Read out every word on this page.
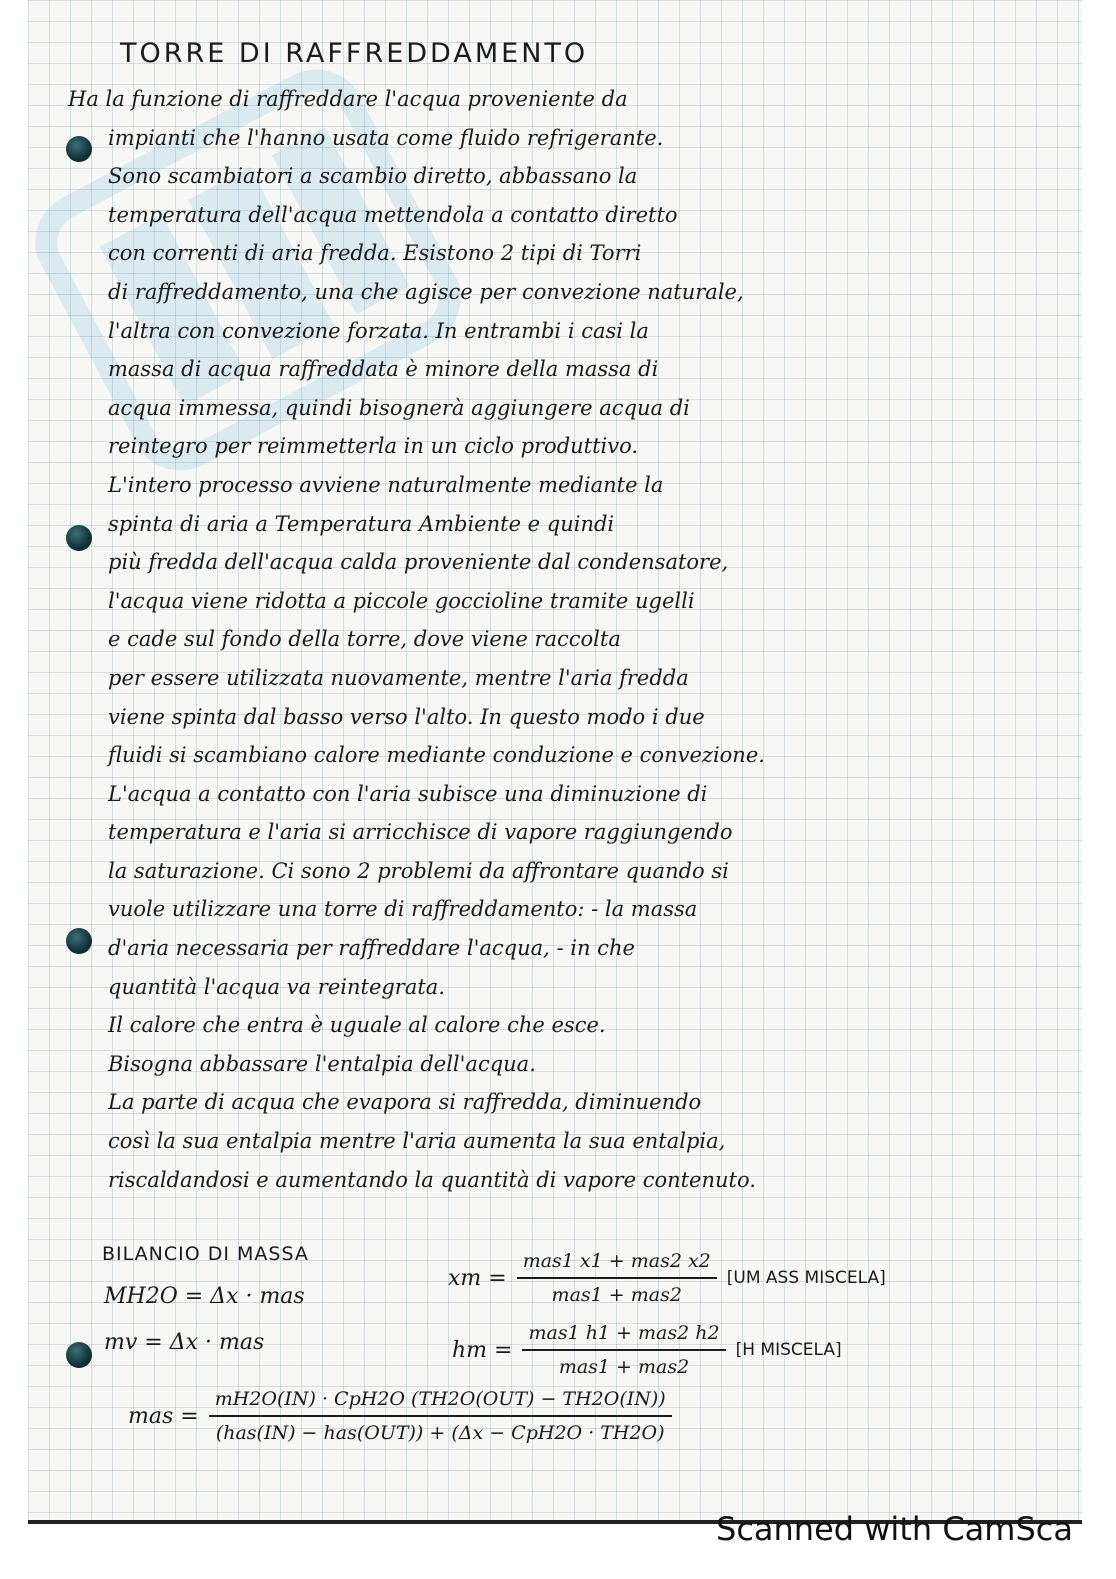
TORRE DI RAFFREDDAMENTO
Ha la funzione di raffreddare l'acqua proveniente da
impianti che l'hanno usata come fluido refrigerante.
Sono scambiatori a scambio diretto, abbassano la
temperatura dell'acqua mettendola a contatto diretto
con correnti di aria fredda. Esistono 2 tipi di Torri
di raffreddamento, una che agisce per convezione naturale,
l'altra con convezione forzata. In entrambi i casi la
massa di acqua raffreddata è minore della massa di
acqua immessa, quindi bisognerà aggiungere acqua di
reintegro per reimmetterla in un ciclo produttivo.
L'intero processo avviene naturalmente mediante la
spinta di aria a Temperatura Ambiente e quindi
più fredda dell'acqua calda proveniente dal condensatore,
l'acqua viene ridotta a piccole goccioline tramite ugelli
e cade sul fondo della torre, dove viene raccolta
per essere utilizzata nuovamente, mentre l'aria fredda
viene spinta dal basso verso l'alto. In questo modo i due
fluidi si scambiano calore mediante conduzione e convezione.
L'acqua a contatto con l'aria subisce una diminuzione di
temperatura e l'aria si arricchisce di vapore raggiungendo
la saturazione. Ci sono 2 problemi da affrontare quando si
vuole utilizzare una torre di raffreddamento: - la massa
d'aria necessaria per raffreddare l'acqua, - in che
quantità l'acqua va reintegrata.
Il calore che entra è uguale al calore che esce.
Bisogna abbassare l'entalpia dell'acqua.
La parte di acqua che evapora si raffredda, diminuendo
così la sua entalpia mentre l'aria aumenta la sua entalpia,
riscaldandosi e aumentando la quantità di vapore contenuto.
BILANCIO DI MASSA
MH2O = Δx · mas
mv = Δx · mas
xm = $\frac{\text{mas1 x1 + mas2 x2}}{\text{mas1 + mas2}} [UM$ ASS MISCELA]
hm = $\frac{\text{mas1 h1 + mas2 h2}}{\text{mas1 + mas2}} [H$ MISCELA]
mas = $\frac{\text{mH2O(IN) · CpH2O (TH2O(OUT) − TH2O(IN))}}{\text{(has(IN) − has(OUT)) + (Δx − CpH2O · TH2O)}}$
Scanned with CamSca
